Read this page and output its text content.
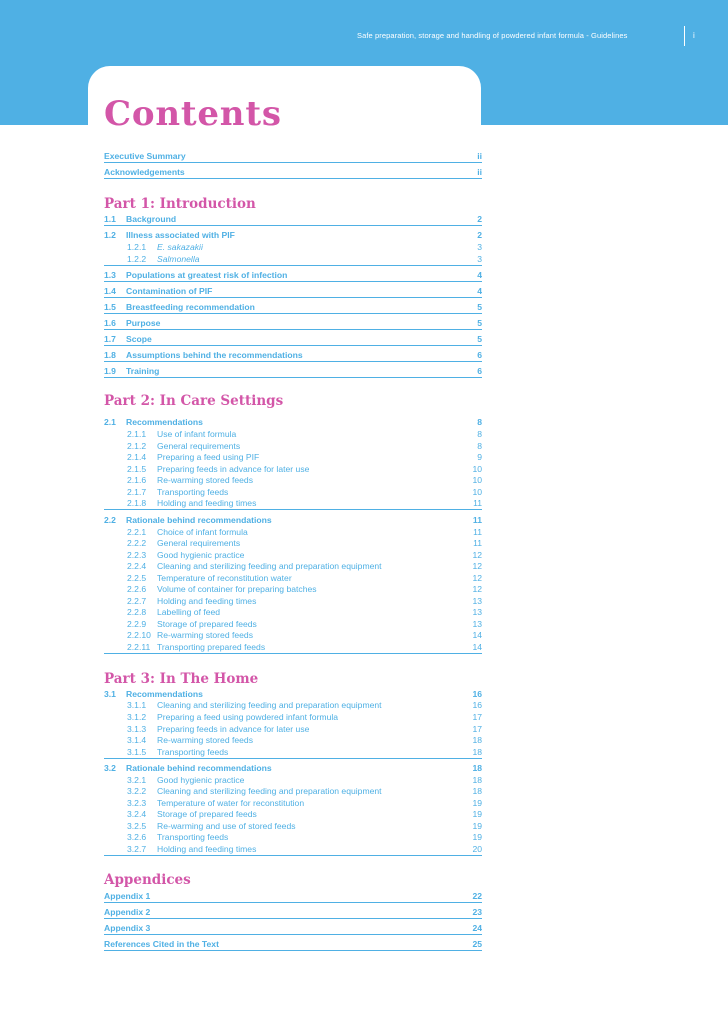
Safe preparation, storage and handling of powdered infant formula - Guidelines	i
Contents
Executive Summary	ii
Acknowledgements	ii
Part 1: Introduction
1.1	Background	2
1.2	Illness associated with PIF	2
1.2.1	E. sakazakii	3
1.2.2	Salmonella	3
1.3	Populations at greatest risk of infection	4
1.4	Contamination of PIF	4
1.5	Breastfeeding recommendation	5
1.6	Purpose	5
1.7	Scope	5
1.8	Assumptions behind the recommendations	6
1.9	Training	6
Part 2: In Care Settings
2.1	Recommendations	8
2.1.1	Use of infant formula	8
2.1.2	General requirements	8
2.1.4	Preparing a feed using PIF	9
2.1.5	Preparing feeds in advance for later use	10
2.1.6	Re-warming stored feeds	10
2.1.7	Transporting feeds	10
2.1.8	Holding and feeding times	11
2.2	Rationale behind recommendations	11
2.2.1	Choice of infant formula	11
2.2.2	General requirements	11
2.2.3	Good hygienic practice	12
2.2.4	Cleaning and sterilizing feeding and preparation equipment	12
2.2.5	Temperature of reconstitution water	12
2.2.6	Volume of container for preparing batches	12
2.2.7	Holding and feeding times	13
2.2.8	Labelling of feed	13
2.2.9	Storage of prepared feeds	13
2.2.10 Re-warming stored feeds	14
2.2.11 Transporting prepared feeds	14
Part 3: In The Home
3.1	Recommendations	16
3.1.1	Cleaning and sterilizing feeding and preparation equipment	16
3.1.2	Preparing a feed using powdered infant formula	17
3.1.3	Preparing feeds in advance for later use	17
3.1.4	Re-warming stored feeds	18
3.1.5	Transporting feeds	18
3.2	Rationale behind recommendations	18
3.2.1	Good hygienic practice	18
3.2.2	Cleaning and sterilizing feeding and preparation equipment	18
3.2.3	Temperature of water for reconstitution	19
3.2.4	Storage of prepared feeds	19
3.2.5	Re-warming and use of stored feeds	19
3.2.6	Transporting feeds	19
3.2.7	Holding and feeding times	20
Appendices
Appendix 1	22
Appendix 2	23
Appendix 3	24
References Cited in the Text	25
